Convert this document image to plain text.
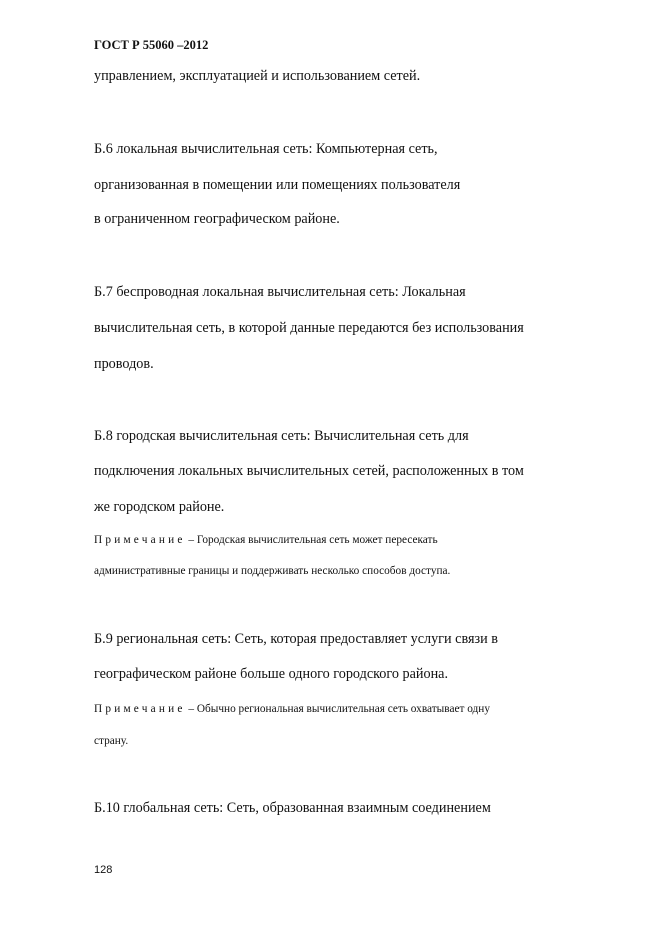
ГОСТ Р 55060 –2012
управлением, эксплуатацией и использованием сетей.
Б.6 локальная вычислительная сеть: Компьютерная сеть,
организованная в помещении или помещениях пользователя
в ограниченном географическом районе.
Б.7 беспроводная локальная вычислительная сеть: Локальная
вычислительная сеть, в которой данные передаются без использования
проводов.
Б.8 городская вычислительная сеть: Вычислительная сеть для
подключения локальных вычислительных сетей, расположенных в том
же городском районе.
Примечание – Городская вычислительная сеть может пересекать
административные границы и поддерживать несколько способов доступа.
Б.9 региональная сеть: Сеть, которая предоставляет услуги связи в
географическом районе больше одного городского района.
Примечание – Обычно региональная вычислительная сеть охватывает одну
страну.
Б.10 глобальная сеть: Сеть, образованная взаимным соединением
128
